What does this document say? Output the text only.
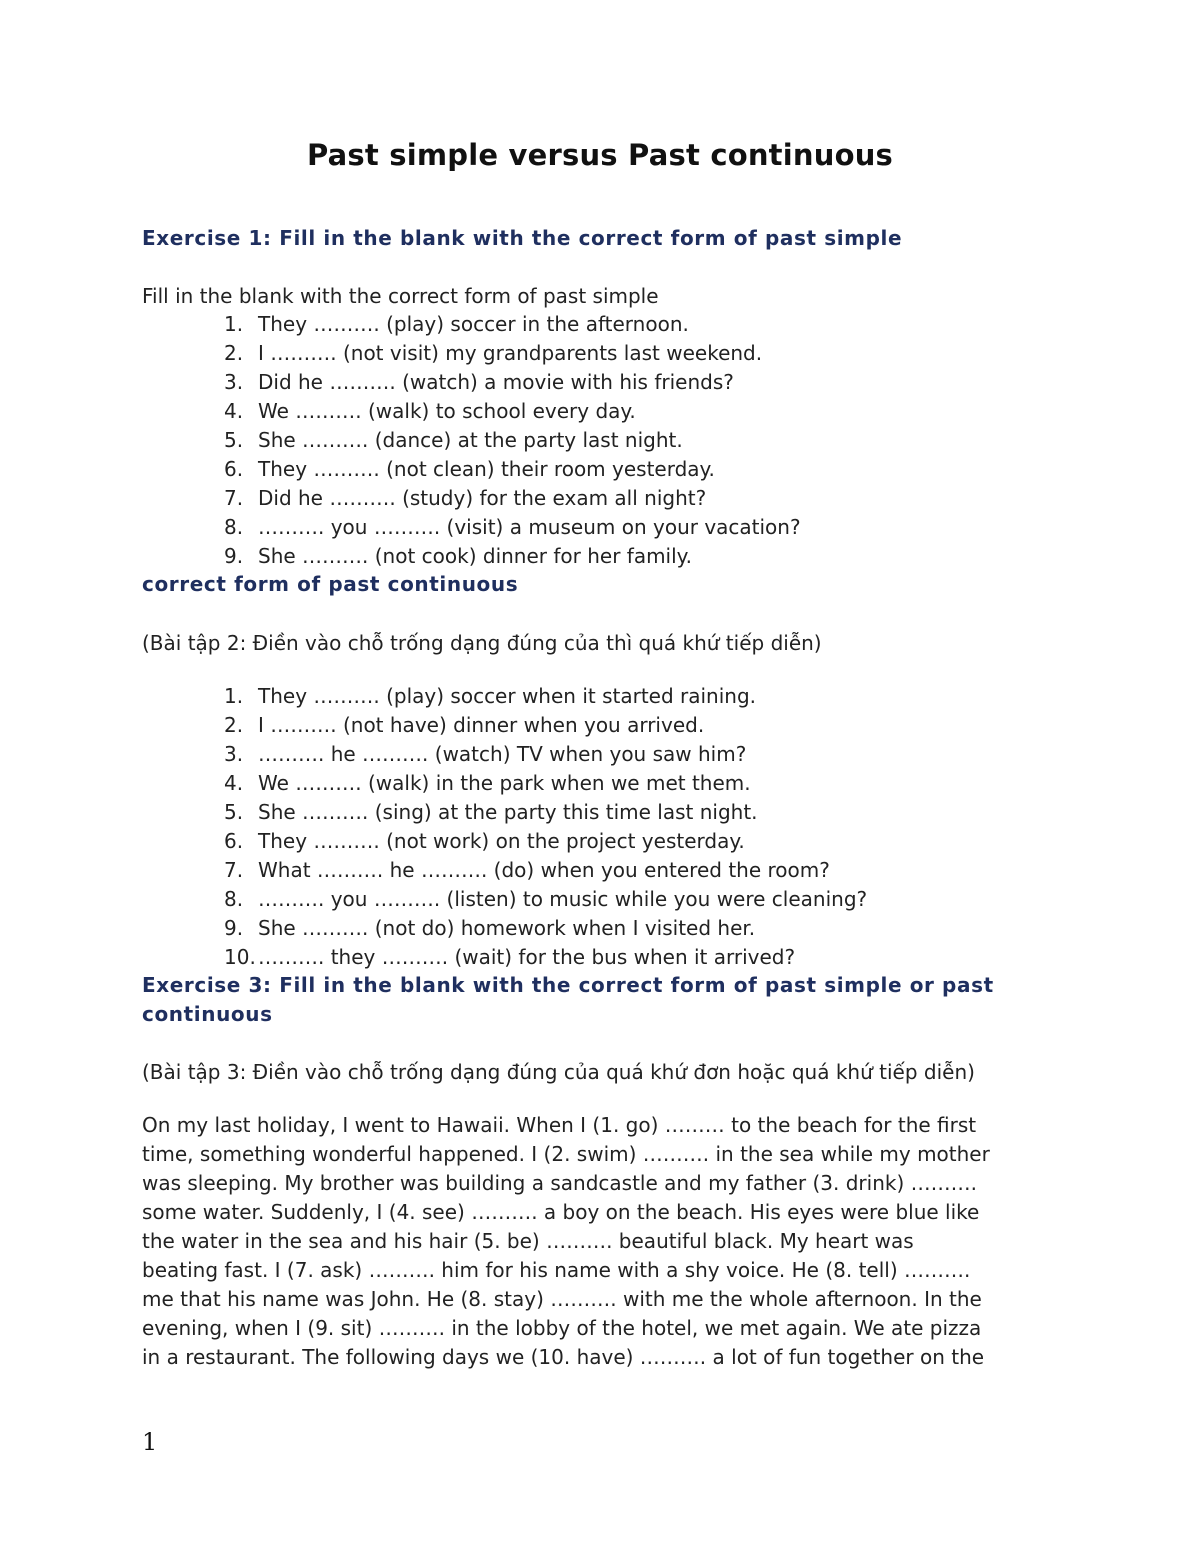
Past simple versus Past continuous
Exercise 1: Fill in the blank with the correct form of past simple
Fill in the blank with the correct form of past simple
1. They ………. (play) soccer in the afternoon.
2. I ………. (not visit) my grandparents last weekend.
3. Did he ………. (watch) a movie with his friends?
4. We ………. (walk) to school every day.
5. She ………. (dance) at the party last night.
6. They ………. (not clean) their room yesterday.
7. Did he ………. (study) for the exam all night?
8. ………. you ………. (visit) a museum on your vacation?
9. She ………. (not cook) dinner for her family.
correct form of past continuous
(Bài tập 2: Điền vào chỗ trống dạng đúng của thì quá khứ tiếp diễn)
1. They ………. (play) soccer when it started raining.
2. I ………. (not have) dinner when you arrived.
3. ………. he ………. (watch) TV when you saw him?
4. We ………. (walk) in the park when we met them.
5. She ………. (sing) at the party this time last night.
6. They ………. (not work) on the project yesterday.
7. What ………. he ………. (do) when you entered the room?
8. ………. you ………. (listen) to music while you were cleaning?
9. She ………. (not do) homework when I visited her.
10. ………. they ………. (wait) for the bus when it arrived?
Exercise 3: Fill in the blank with the correct form of past simple or past
continuous
(Bài tập 3: Điền vào chỗ trống dạng đúng của quá khứ đơn hoặc quá khứ tiếp diễn)
On my last holiday, I went to Hawaii. When I (1. go) ……… to the beach for the first
time, something wonderful happened. I (2. swim) ………. in the sea while my mother
was sleeping. My brother was building a sandcastle and my father (3. drink) ……….
some water. Suddenly, I (4. see) ………. a boy on the beach. His eyes were blue like
the water in the sea and his hair (5. be) ………. beautiful black. My heart was
beating fast. I (7. ask) ………. him for his name with a shy voice. He (8. tell) ……….
me that his name was John. He (8. stay) ………. with me the whole afternoon. In the
evening, when I (9. sit) ………. in the lobby of the hotel, we met again. We ate pizza
in a restaurant. The following days we (10. have) ………. a lot of fun together on the
1
